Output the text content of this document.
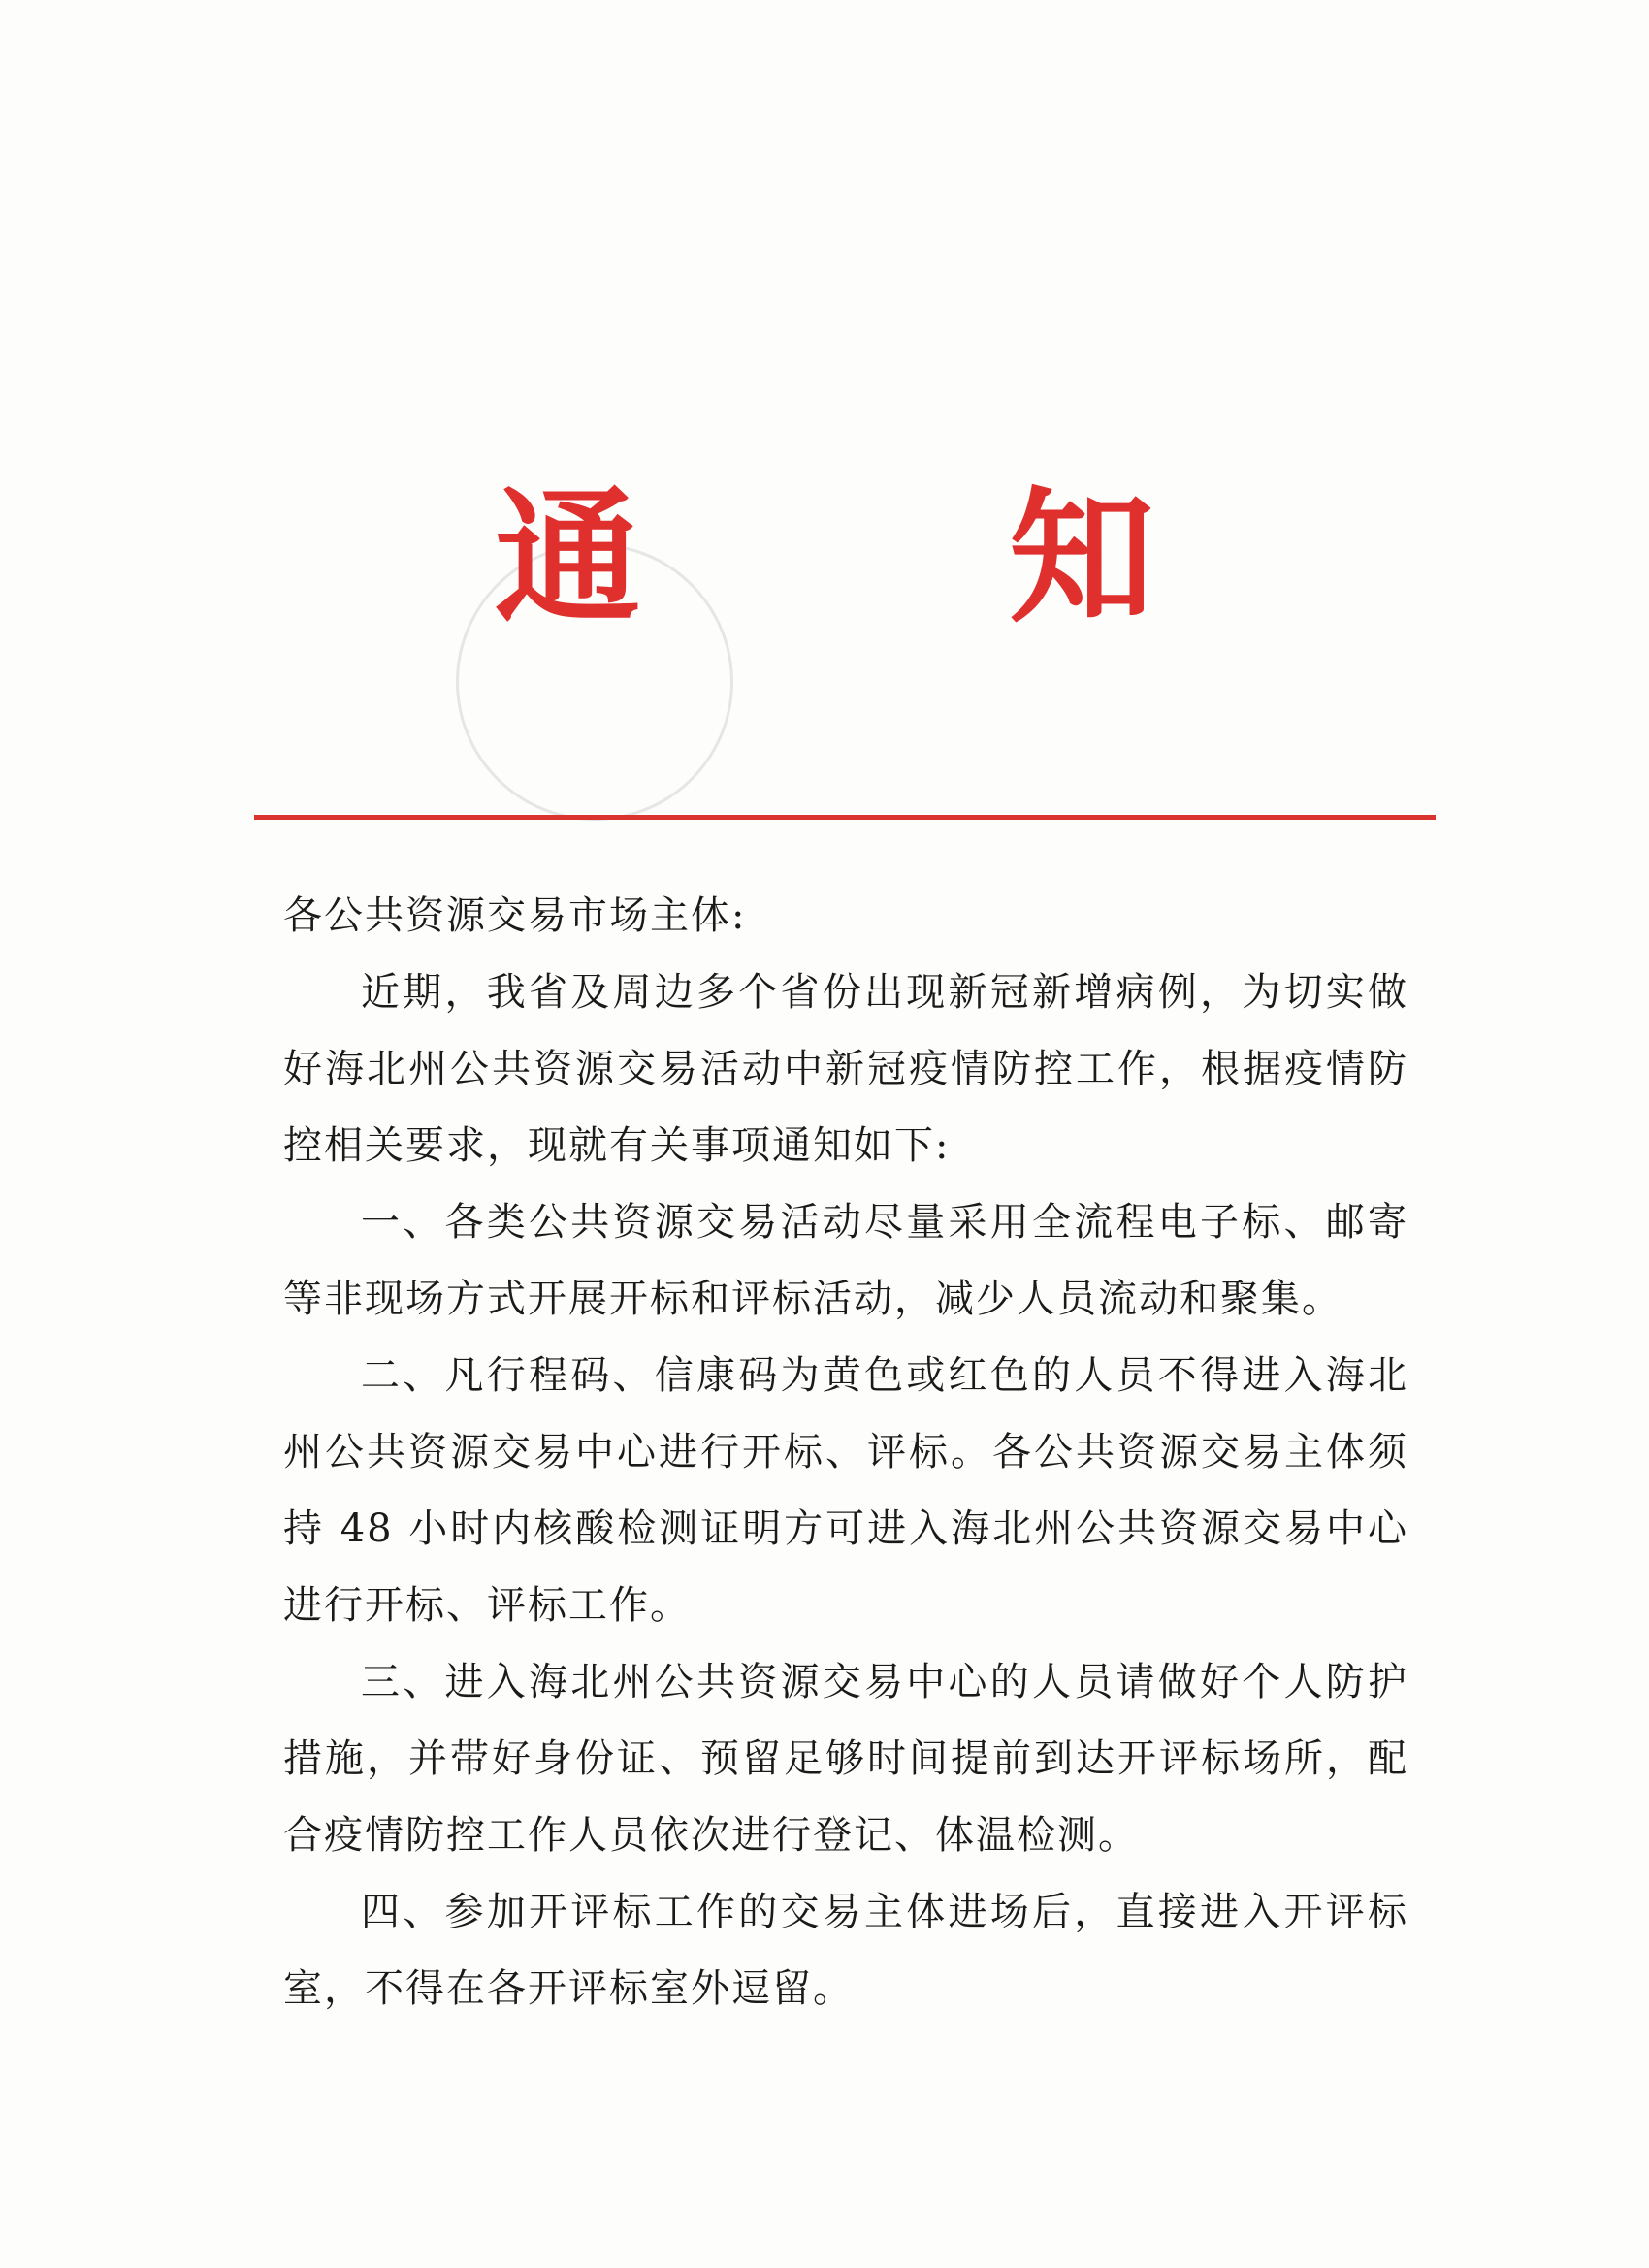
通	知

各公共资源交易市场主体:

近期，我省及周边多个省份出现新冠新增病例，为切实做好海北州公共资源交易活动中新冠疫情防控工作，根据疫情防控相关要求，现就有关事项通知如下:

一、各类公共资源交易活动尽量采用全流程电子标、邮寄等非现场方式开展开标和评标活动，减少人员流动和聚集。

二、凡行程码、信康码为黄色或红色的人员不得进入海北州公共资源交易中心进行开标、评标。各公共资源交易主体须持 48 小时内核酸检测证明方可进入海北州公共资源交易中心进行开标、评标工作。

三、进入海北州公共资源交易中心的人员请做好个人防护措施，并带好身份证、预留足够时间提前到达开评标场所，配合疫情防控工作人员依次进行登记、体温检测。

四、参加开评标工作的交易主体进场后，直接进入开评标室，不得在各开评标室外逗留。
